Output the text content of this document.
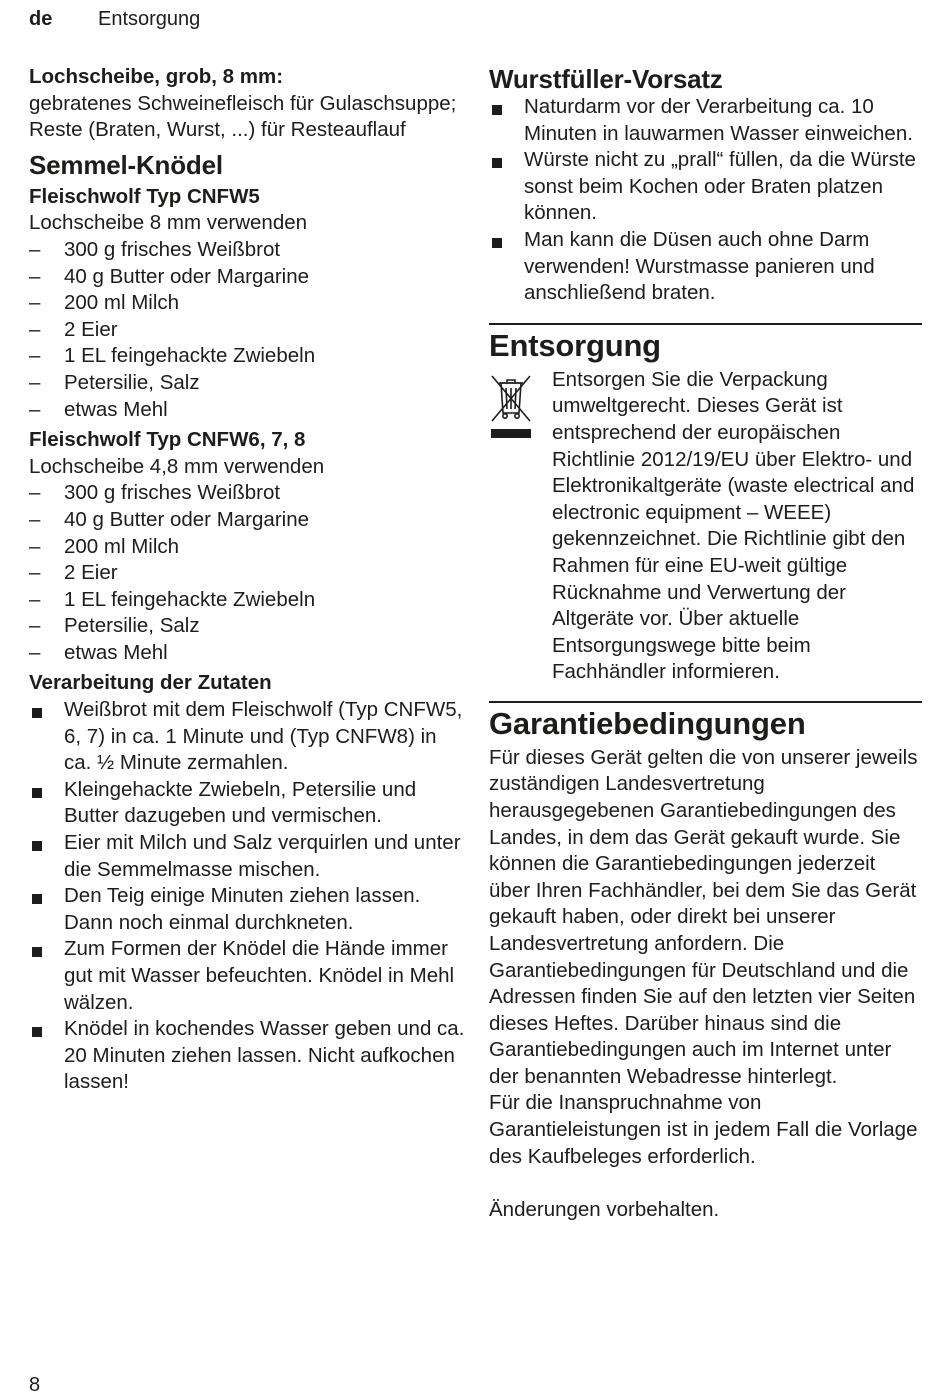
de Entsorgung

Lochscheibe, grob, 8 mm:

gebratenes Schweinefleisch für Gulaschsuppe; Reste (Braten, Wurst, ...) für Resteauflauf

Semmel-Knödel

Fleischwolf Typ CNFW5

Lochscheibe 8 mm verwenden

– 300 g frisches Weißbrot
– 40 g Butter oder Margarine
– 200 ml Milch
– 2 Eier
– 1 EL feingehackte Zwiebeln
– Petersilie, Salz
– etwas Mehl

Fleischwolf Typ CNFW6, 7, 8

Lochscheibe 4,8 mm verwenden

– 300 g frisches Weißbrot
– 40 g Butter oder Margarine
– 200 ml Milch
– 2 Eier
– 1 EL feingehackte Zwiebeln
– Petersilie, Salz
– etwas Mehl

Verarbeitung der Zutaten

Weißbrot mit dem Fleischwolf (Typ CNFW5, 6, 7) in ca. 1 Minute und (Typ CNFW8) in ca. ½ Minute zermahlen.
Kleingehackte Zwiebeln, Petersilie und Butter dazugeben und vermischen.
Eier mit Milch und Salz verquirlen und unter die Semmelmasse mischen.
Den Teig einige Minuten ziehen lassen. Dann noch einmal durchkneten.
Zum Formen der Knödel die Hände immer gut mit Wasser befeuchten. Knödel in Mehl wälzen.
Knödel in kochendes Wasser geben und ca. 20 Minuten ziehen lassen. Nicht aufkochen lassen!
Wurstfüller-Vorsatz
Naturdarm vor der Verarbeitung ca. 10 Minuten in lauwarmen Wasser einweichen.
Würste nicht zu „prall“ füllen, da die Würste sonst beim Kochen oder Braten platzen können.
Man kann die Düsen auch ohne Darm verwenden! Wurstmasse panieren und anschließend braten.
Entsorgung

Entsorgen Sie die Verpackung umweltgerecht. Dieses Gerät ist entsprechend der europäischen Richtlinie 2012/19/EU über Elektro- und Elektronikaltgeräte (waste electrical and electronic equipment – WEEE) gekennzeichnet. Die Richtlinie gibt den Rahmen für eine EU-weit gültige Rücknahme und Verwertung der Altgeräte vor. Über aktuelle Entsorgungswege bitte beim Fachhändler informieren.

Garantiebedingungen

Für dieses Gerät gelten die von unserer jeweils zuständigen Landesvertretung herausgegebenen Garantiebedingungen des Landes, in dem das Gerät gekauft wurde. Sie können die Garantiebedingungen jederzeit über Ihren Fachhändler, bei dem Sie das Gerät gekauft haben, oder direkt bei unserer Landesvertretung anfordern. Die Garantiebedingungen für Deutschland und die Adressen finden Sie auf den letzten vier Seiten dieses Heftes. Darüber hinaus sind die Garantiebedingungen auch im Internet unter der benannten Webadresse hinterlegt.

Für die Inanspruchnahme von Garantieleistungen ist in jedem Fall die Vorlage des Kaufbeleges erforderlich.

Änderungen vorbehalten.

8
